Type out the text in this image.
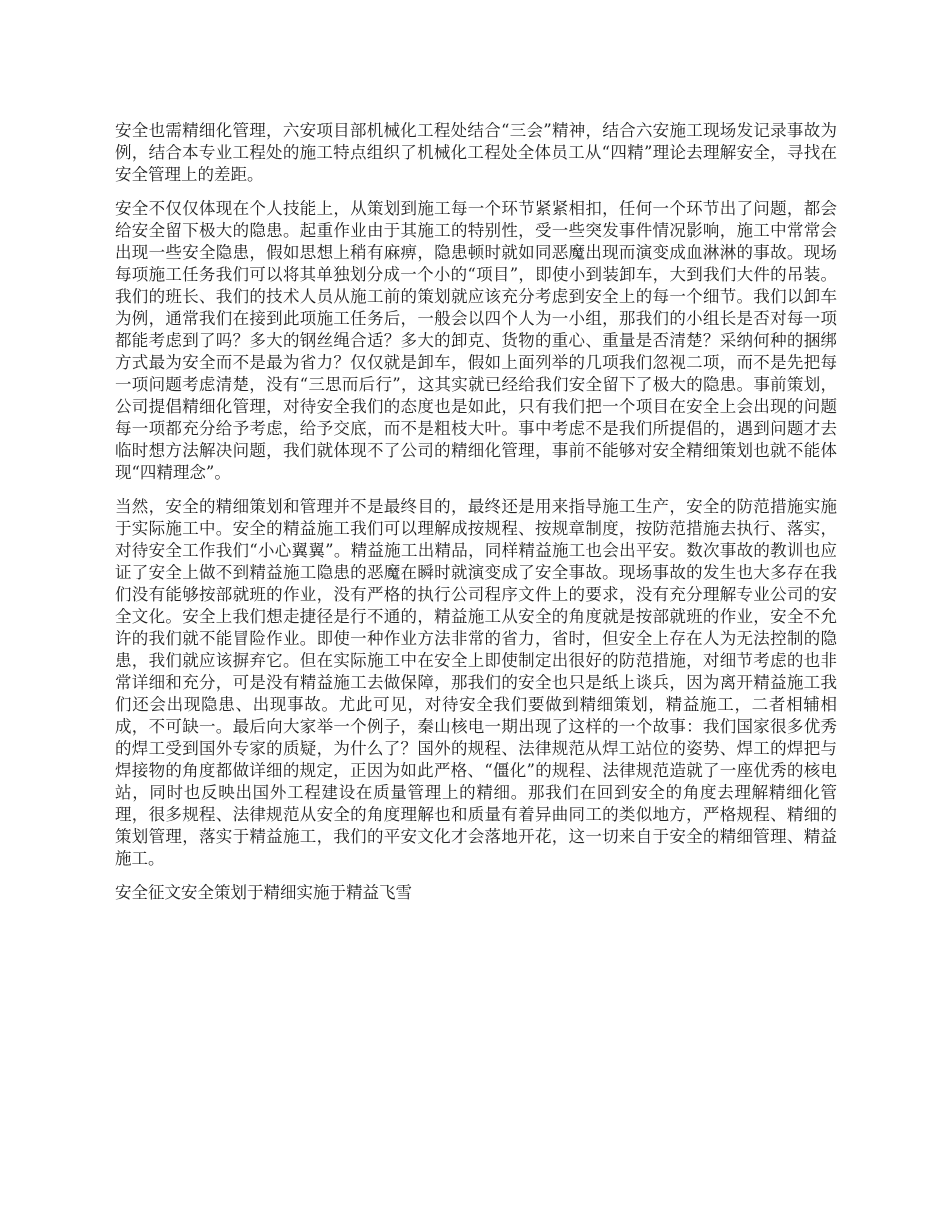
安全也需精细化管理，六安项目部机械化工程处结合“三会”精神，结合六安施工现场发记录事故为例，结合本专业工程处的施工特点组织了机械化工程处全体员工从“四精”理论去理解安全，寻找在安全管理上的差距。

安全不仅仅体现在个人技能上，从策划到施工每一个环节紧紧相扣，任何一个环节出了问题，都会给安全留下极大的隐患。起重作业由于其施工的特别性，受一些突发事件情况影响，施工中常常会出现一些安全隐患，假如思想上稍有麻痹，隐患顿时就如同恶魔出现而演变成血淋淋的事故。现场每项施工任务我们可以将其单独划分成一个小的“项目”，即使小到装卸车，大到我们大件的吊装。我们的班长、我们的技术人员从施工前的策划就应该充分考虑到安全上的每一个细节。我们以卸车为例，通常我们在接到此项施工任务后，一般会以四个人为一小组，那我们的小组长是否对每一项都能考虑到了吗？多大的钢丝绳合适？多大的卸克、货物的重心、重量是否清楚？采纳何种的捆绑方式最为安全而不是最为省力？仅仅就是卸车，假如上面列举的几项我们忽视二项，而不是先把每一项问题考虑清楚，没有“三思而后行”，这其实就已经给我们安全留下了极大的隐患。事前策划，公司提倡精细化管理，对待安全我们的态度也是如此，只有我们把一个项目在安全上会出现的问题每一项都充分给予考虑，给予交底，而不是粗枝大叶。事中考虑不是我们所提倡的，遇到问题才去临时想方法解决问题，我们就体现不了公司的精细化管理，事前不能够对安全精细策划也就不能体现“四精理念”。

当然，安全的精细策划和管理并不是最终目的，最终还是用来指导施工生产，安全的防范措施实施于实际施工中。安全的精益施工我们可以理解成按规程、按规章制度，按防范措施去执行、落实，对待安全工作我们“小心翼翼”。精益施工出精品，同样精益施工也会出平安。数次事故的教训也应证了安全上做不到精益施工隐患的恶魔在瞬时就演变成了安全事故。现场事故的发生也大多存在我们没有能够按部就班的作业，没有严格的执行公司程序文件上的要求，没有充分理解专业公司的安全文化。安全上我们想走捷径是行不通的，精益施工从安全的角度就是按部就班的作业，安全不允许的我们就不能冒险作业。即使一种作业方法非常的省力，省时，但安全上存在人为无法控制的隐患，我们就应该摒弃它。但在实际施工中在安全上即使制定出很好的防范措施，对细节考虑的也非常详细和充分，可是没有精益施工去做保障，那我们的安全也只是纸上谈兵，因为离开精益施工我们还会出现隐患、出现事故。尤此可见，对待安全我们要做到精细策划，精益施工，二者相辅相成，不可缺一。最后向大家举一个例子，秦山核电一期出现了这样的一个故事：我们国家很多优秀的焊工受到国外专家的质疑，为什么了？国外的规程、法律规范从焊工站位的姿势、焊工的焊把与焊接物的角度都做详细的规定，正因为如此严格、“僵化”的规程、法律规范造就了一座优秀的核电站，同时也反映出国外工程建设在质量管理上的精细。那我们在回到安全的角度去理解精细化管理，很多规程、法律规范从安全的角度理解也和质量有着异曲同工的类似地方，严格规程、精细的策划管理，落实于精益施工，我们的平安文化才会落地开花，这一切来自于安全的精细管理、精益施工。

安全征文安全策划于精细实施于精益飞雪
